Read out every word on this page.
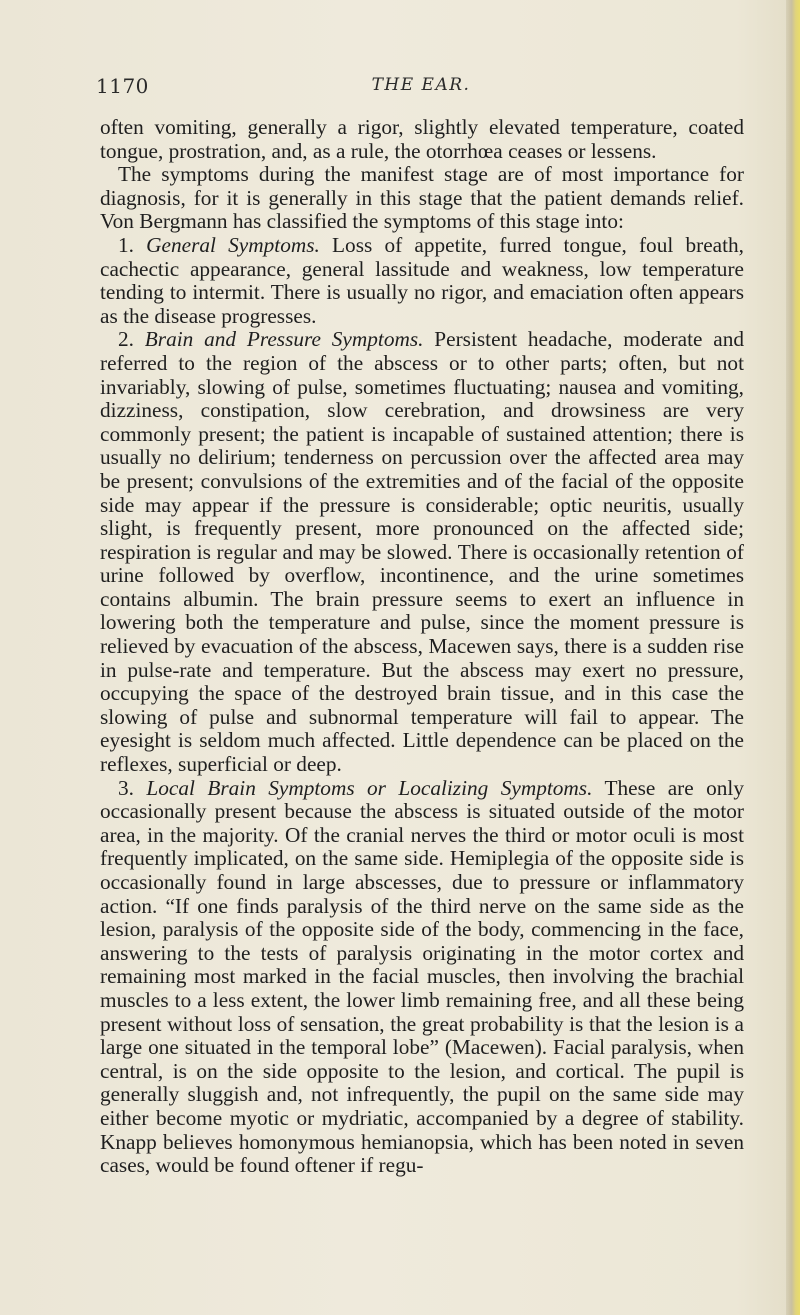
1170	THE EAR.

often vomiting, generally a rigor, slightly elevated temperature, coated tongue, prostration, and, as a rule, the otorrhœa ceases or lessens.

The symptoms during the manifest stage are of most importance for diagnosis, for it is generally in this stage that the patient demands relief. Von Bergmann has classified the symptoms of this stage into:

1. General Symptoms. Loss of appetite, furred tongue, foul breath, cachectic appearance, general lassitude and weakness, low temperature tending to intermit. There is usually no rigor, and emaciation often appears as the disease progresses.

2. Brain and Pressure Symptoms. Persistent headache, moderate and referred to the region of the abscess or to other parts; often, but not invariably, slowing of pulse, sometimes fluctuating; nausea and vomiting, dizziness, constipation, slow cerebration, and drowsiness are very commonly present; the patient is incapable of sustained attention; there is usually no delirium; tenderness on percussion over the affected area may be present; convulsions of the extremities and of the facial of the opposite side may appear if the pressure is considerable; optic neuritis, usually slight, is frequently present, more pronounced on the affected side; respiration is regular and may be slowed. There is occasionally retention of urine followed by overflow, incontinence, and the urine sometimes contains albumin. The brain pressure seems to exert an influence in lowering both the temperature and pulse, since the moment pressure is relieved by evacuation of the abscess, Macewen says, there is a sudden rise in pulse-rate and temperature. But the abscess may exert no pressure, occupying the space of the destroyed brain tissue, and in this case the slowing of pulse and subnormal temperature will fail to appear. The eyesight is seldom much affected. Little dependence can be placed on the reflexes, superficial or deep.

3. Local Brain Symptoms or Localizing Symptoms. These are only occasionally present because the abscess is situated outside of the motor area, in the majority. Of the cranial nerves the third or motor oculi is most frequently implicated, on the same side. Hemiplegia of the opposite side is occasionally found in large abscesses, due to pressure or inflammatory action. “If one finds paralysis of the third nerve on the same side as the lesion, paralysis of the opposite side of the body, commencing in the face, answering to the tests of paralysis originating in the motor cortex and remaining most marked in the facial muscles, then involving the brachial muscles to a less extent, the lower limb remaining free, and all these being present without loss of sensation, the great probability is that the lesion is a large one situated in the temporal lobe” (Macewen). Facial paralysis, when central, is on the side opposite to the lesion, and cortical. The pupil is generally sluggish and, not infrequently, the pupil on the same side may either become myotic or mydriatic, accompanied by a degree of stability. Knapp believes homonymous hemianopsia, which has been noted in seven cases, would be found oftener if regu-
